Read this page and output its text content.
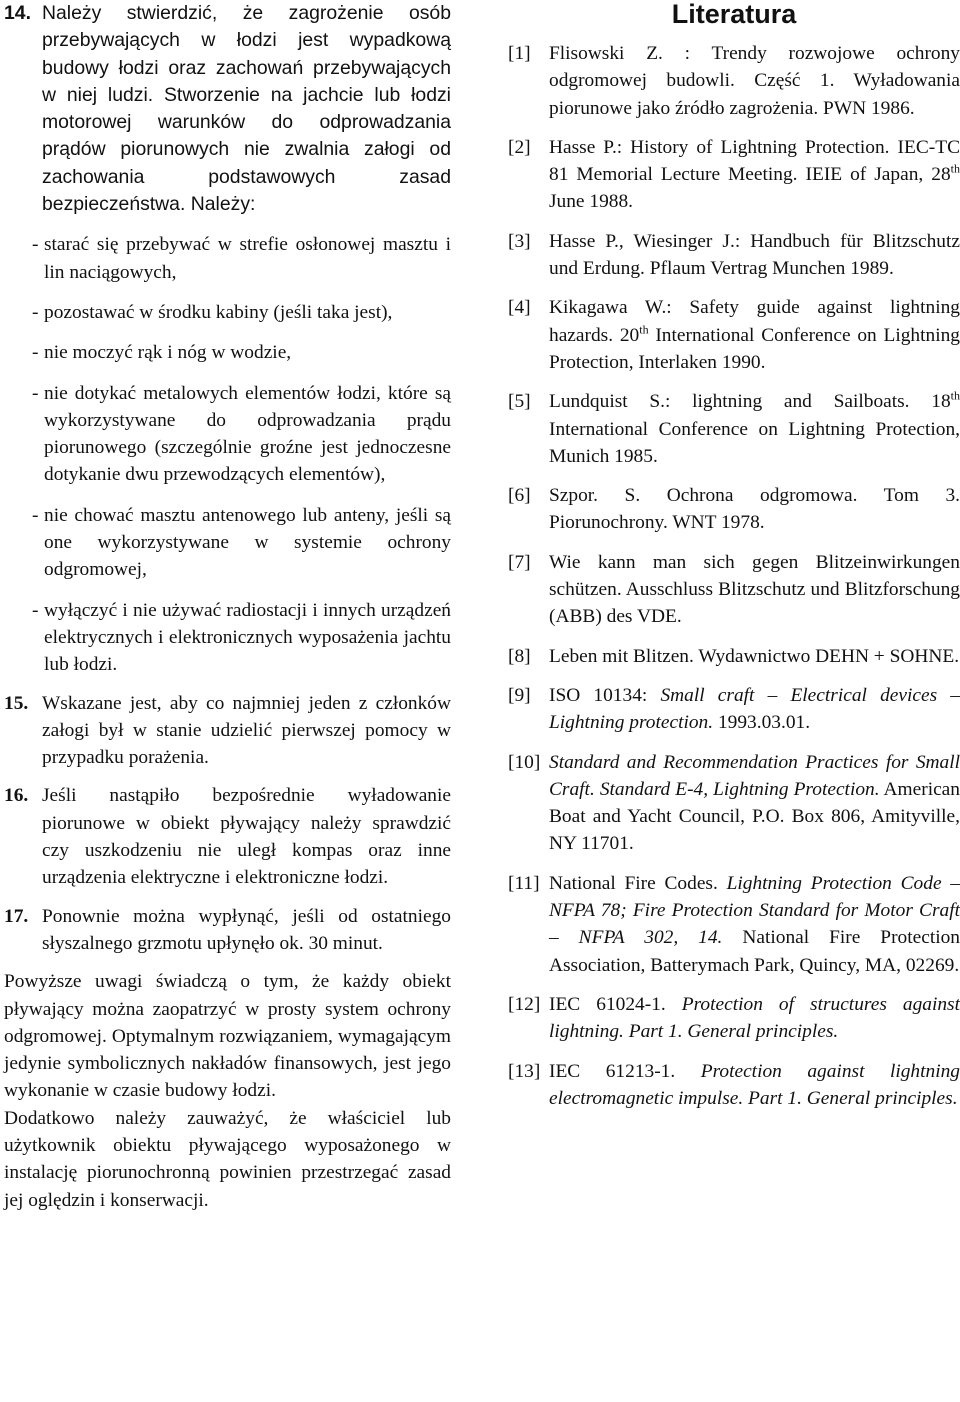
14. Należy stwierdzić, że zagrożenie osób przebywających w łodzi jest wypadkową budowy łodzi oraz zachowań przebywających w niej ludzi. Stworzenie na jachcie lub łodzi motorowej warunków do odprowadzania prądów piorunowych nie zwalnia załogi od zachowania podstawowych zasad bezpieczeństwa. Należy:
- starać się przebywać w strefie osłonowej masztu i lin naciągowych,
- pozostawać w środku kabiny (jeśli taka jest),
- nie moczyć rąk i nóg w wodzie,
- nie dotykać metalowych elementów łodzi, które są wykorzystywane do odprowadzania prądu piorunowego (szczególnie groźne jest jednoczesne dotykanie dwu przewodzących elementów),
- nie chować masztu antenowego lub anteny, jeśli są one wykorzystywane w systemie ochrony odgromowej,
- wyłączyć i nie używać radiostacji i innych urządzeń elektrycznych i elektronicznych wyposażenia jachtu lub łodzi.
15. Wskazane jest, aby co najmniej jeden z członków załogi był w stanie udzielić pierwszej pomocy w przypadku porażenia.
16. Jeśli nastąpiło bezpośrednie wyładowanie piorunowe w obiekt pływający należy sprawdzić czy uszkodzeniu nie uległ kompas oraz inne urządzenia elektryczne i elektroniczne łodzi.
17. Ponownie można wypłynąć, jeśli od ostatniego słyszalnego grzmotu upłynęło ok. 30 minut.

Powyższe uwagi świadczą o tym, że każdy obiekt pływający można zaopatrzyć w prosty system ochrony odgromowej. Optymalnym rozwiązaniem, wymagającym jedynie symbolicznych nakładów finansowych, jest jego wykonanie w czasie budowy łodzi.

Dodatkowo należy zauważyć, że właściciel lub użytkownik obiektu pływającego wyposażonego w instalację piorunochronną powinien przestrzegać zasad jej oględzin i konserwacji.

Literatura
[1] Flisowski Z. : Trendy rozwojowe ochrony odgromowej budowli. Część 1. Wyładowania piorunowe jako źródło zagrożenia. PWN 1986.
[2] Hasse P.: History of Lightning Protection. IEC-TC 81 Memorial Lecture Meeting. IEIE of Japan, 28th June 1988.
[3] Hasse P., Wiesinger J.: Handbuch für Blitzschutz und Erdung. Pflaum Vertrag Munchen 1989.
[4] Kikagawa W.: Safety guide against lightning hazards. 20th International Conference on Lightning Protection, Interlaken 1990.
[5] Lundquist S.: lightning and Sailboats. 18th International Conference on Lightning Protection, Munich 1985.
[6] Szpor. S. Ochrona odgromowa. Tom 3. Piorunochrony. WNT 1978.
[7] Wie kann man sich gegen Blitzeinwirkungen schützen. Ausschluss Blitzschutz und Blitzforschung (ABB) des VDE.
[8] Leben mit Blitzen. Wydawnictwo DEHN + SOHNE.
[9] ISO 10134: Small craft – Electrical devices – Lightning protection. 1993.03.01.
[10] Standard and Recommendation Practices for Small Craft. Standard E-4, Lightning Protection. American Boat and Yacht Council, P.O. Box 806, Amityville, NY 11701.
[11] National Fire Codes. Lightning Protection Code – NFPA 78; Fire Protection Standard for Motor Craft – NFPA 302, 14. National Fire Protection Association, Batterymach Park, Quincy, MA, 02269.
[12] IEC 61024-1. Protection of structures against lightning. Part 1. General principles.
[13] IEC 61213-1. Protection against lightning electromagnetic impulse. Part 1. General principles.
